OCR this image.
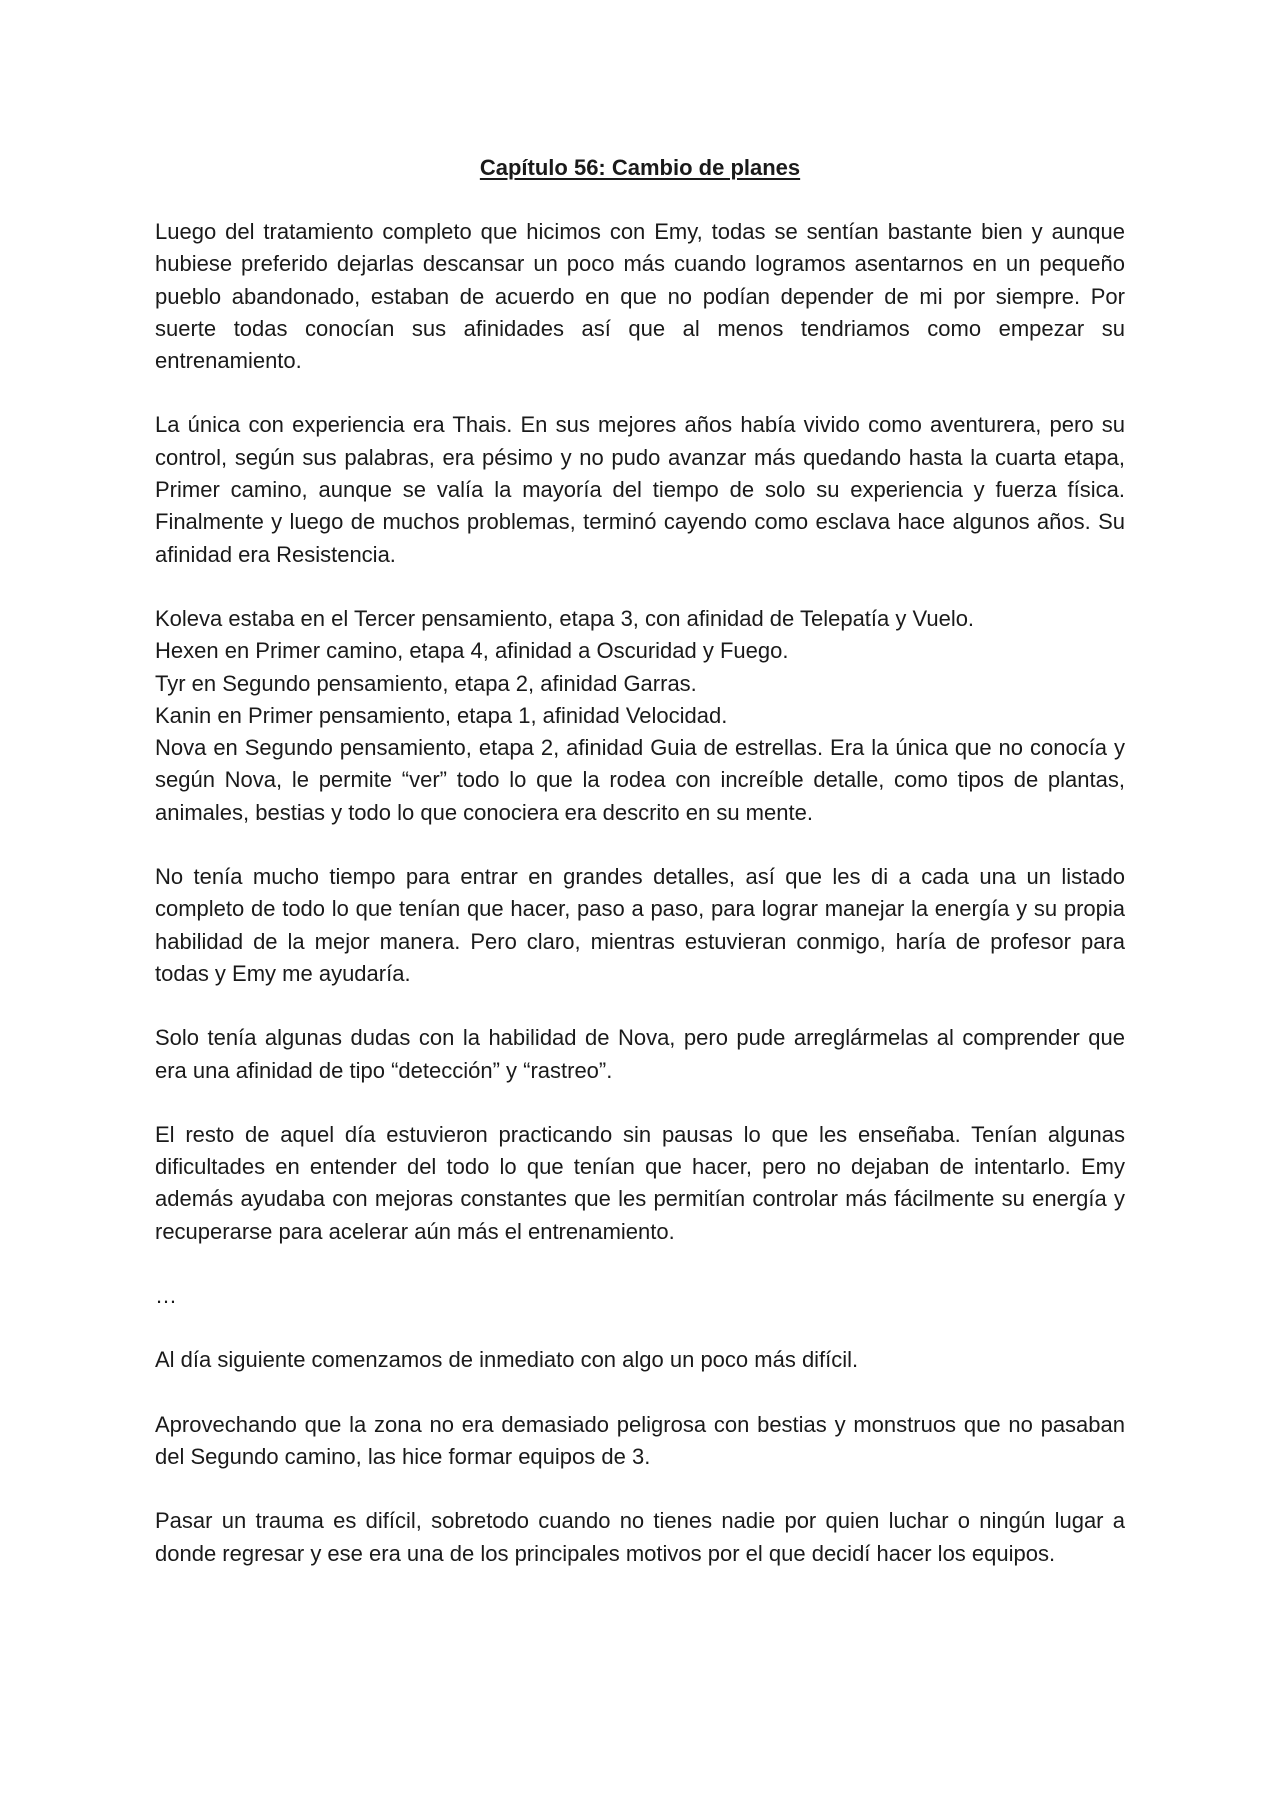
Capítulo 56: Cambio de planes
Luego del tratamiento completo que hicimos con Emy, todas se sentían bastante bien y aunque hubiese preferido dejarlas descansar un poco más cuando logramos asentarnos en un pequeño pueblo abandonado, estaban de acuerdo en que no podían depender de mi por siempre. Por suerte todas conocían sus afinidades así que al menos tendriamos como empezar su entrenamiento.
La única con experiencia era Thais. En sus mejores años había vivido como aventurera, pero su control, según sus palabras, era pésimo y no pudo avanzar más quedando hasta la cuarta etapa, Primer camino, aunque se valía la mayoría del tiempo de solo su experiencia y fuerza física. Finalmente y luego de muchos problemas, terminó cayendo como esclava hace algunos años. Su afinidad era Resistencia.
Koleva estaba en el Tercer pensamiento, etapa 3, con afinidad de Telepatía y Vuelo.
Hexen en Primer camino, etapa 4, afinidad a Oscuridad y Fuego.
Tyr en Segundo pensamiento, etapa 2, afinidad Garras.
Kanin en Primer pensamiento, etapa 1, afinidad Velocidad.
Nova en Segundo pensamiento, etapa 2, afinidad Guia de estrellas. Era la única que no conocía y según Nova, le permite “ver” todo lo que la rodea con increíble detalle, como tipos de plantas, animales, bestias y todo lo que conociera era descrito en su mente.
No tenía mucho tiempo para entrar en grandes detalles, así que les di a cada una un listado completo de todo lo que tenían que hacer, paso a paso, para lograr manejar la energía y su propia habilidad de la mejor manera. Pero claro, mientras estuvieran conmigo, haría de profesor para todas y Emy me ayudaría.
Solo tenía algunas dudas con la habilidad de Nova, pero pude arreglármelas al comprender que era una afinidad de tipo “detección” y “rastreo”.
El resto de aquel día estuvieron practicando sin pausas lo que les enseñaba. Tenían algunas dificultades en entender del todo lo que tenían que hacer, pero no dejaban de intentarlo. Emy además ayudaba con mejoras constantes que les permitían controlar más fácilmente su energía y recuperarse para acelerar aún más el entrenamiento.
…
Al día siguiente comenzamos de inmediato con algo un poco más difícil.
Aprovechando que la zona no era demasiado peligrosa con bestias y monstruos que no pasaban del Segundo camino, las hice formar equipos de 3.
Pasar un trauma es difícil, sobretodo cuando no tienes nadie por quien luchar o ningún lugar a donde regresar y ese era una de los principales motivos por el que decidí hacer los equipos.
